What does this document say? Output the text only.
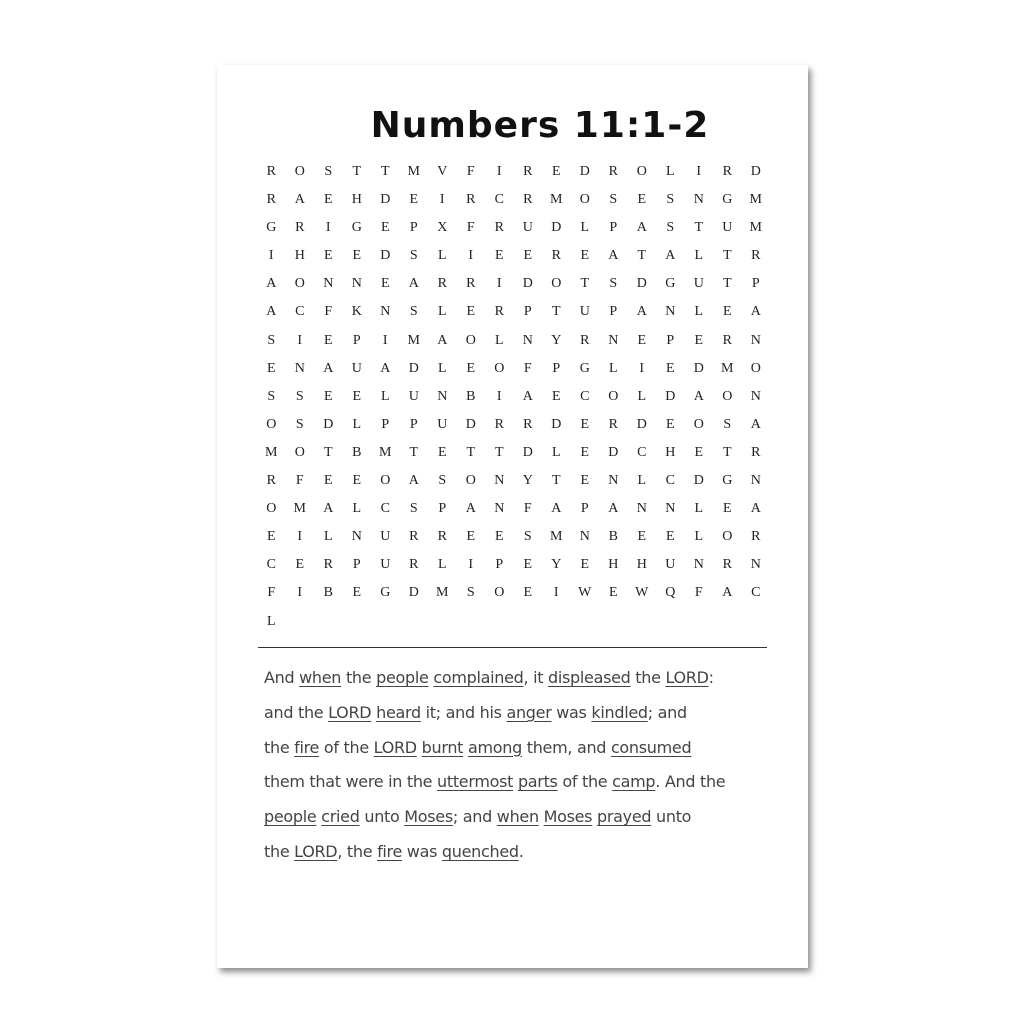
Numbers 11:1-2
R	O	S	T	T	M	V	F	I	R	E	D	R	O	L	I	R	D
R	A	E	H	D	E	I	R	C	R	M	O	S	E	S	N	G	M
G	R	I	G	E	P	X	F	R	U	D	L	P	A	S	T	U	M
I	H	E	E	D	S	L	I	E	E	R	E	A	T	A	L	T	R
A	O	N	N	E	A	R	R	I	D	O	T	S	D	G	U	T	P
A	C	F	K	N	S	L	E	R	P	T	U	P	A	N	L	E	A
S	I	E	P	I	M	A	O	L	N	Y	R	N	E	P	E	R	N
E	N	A	U	A	D	L	E	O	F	P	G	L	I	E	D	M	O
S	S	E	E	L	U	N	B	I	A	E	C	O	L	D	A	O	N
O	S	D	L	P	P	U	D	R	R	D	E	R	D	E	O	S	A
M	O	T	B	M	T	E	T	T	D	L	E	D	C	H	E	T	R
R	F	E	E	O	A	S	O	N	Y	T	E	N	L	C	D	G	N
O	M	A	L	C	S	P	A	N	F	A	P	A	N	N	L	E	A
E	I	L	N	U	R	R	E	E	S	M	N	B	E	E	L	O	R
C	E	R	P	U	R	L	I	P	E	Y	E	H	H	U	N	R	N
F	I	B	E	G	D	M	S	O	E	I	W	E	W	Q	F	A	C
L
And when the people complained, it displeased the LORD:
and the LORD heard it; and his anger was kindled; and
the fire of the LORD burnt among them, and consumed
them that were in the uttermost parts of the camp. And the
people cried unto Moses; and when Moses prayed unto
the LORD, the fire was quenched.
